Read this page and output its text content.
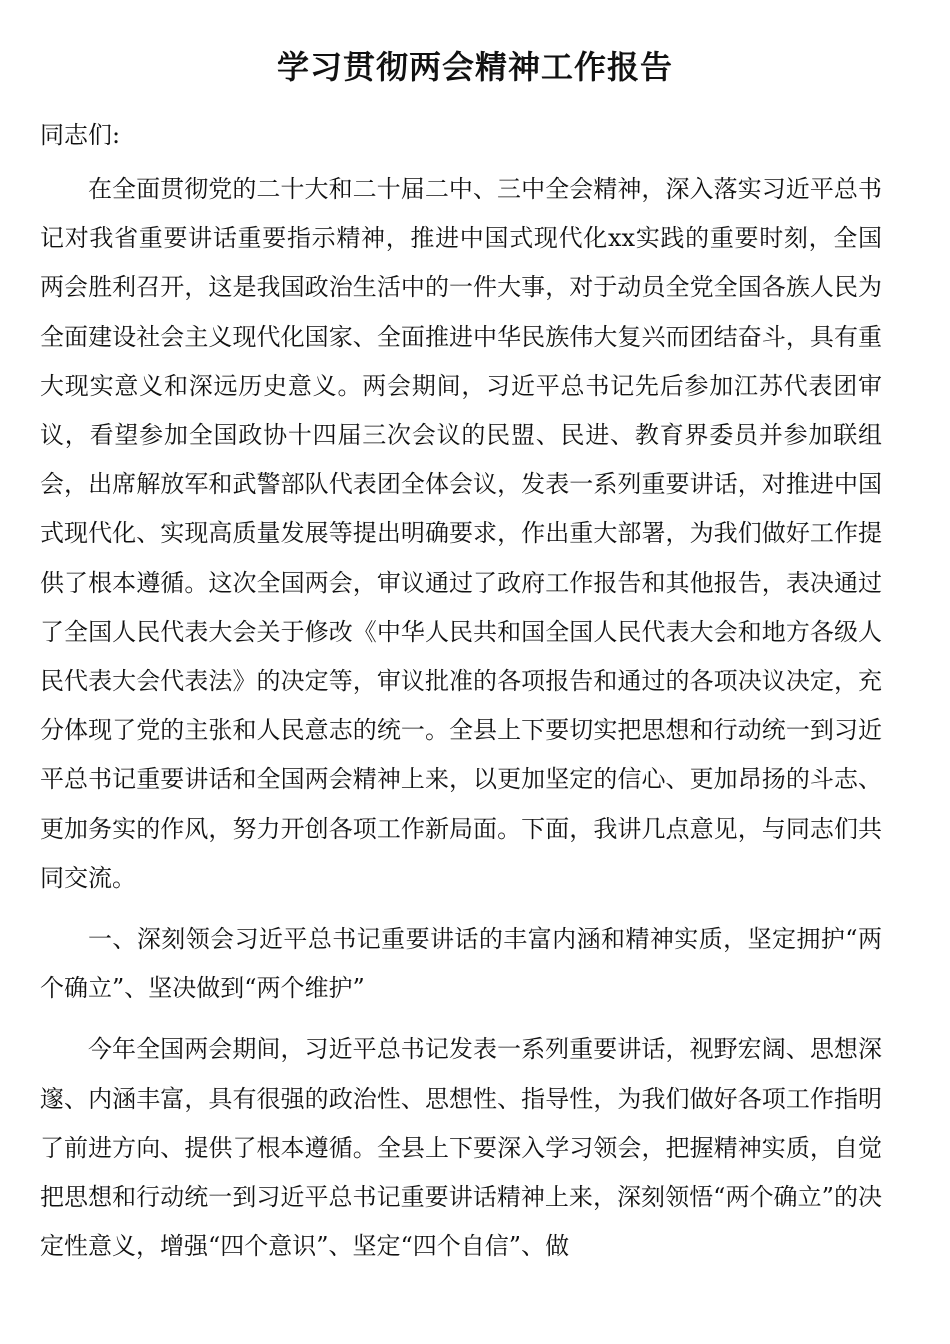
学习贯彻两会精神工作报告

同志们:

在全面贯彻党的二十大和二十届二中、三中全会精神，深入落实习近平总书记对我省重要讲话重要指示精神，推进中国式现代化xx实践的重要时刻，全国两会胜利召开，这是我国政治生活中的一件大事，对于动员全党全国各族人民为全面建设社会主义现代化国家、全面推进中华民族伟大复兴而团结奋斗，具有重大现实意义和深远历史意义。两会期间，习近平总书记先后参加江苏代表团审议，看望参加全国政协十四届三次会议的民盟、民进、教育界委员并参加联组会，出席解放军和武警部队代表团全体会议，发表一系列重要讲话，对推进中国式现代化、实现高质量发展等提出明确要求，作出重大部署，为我们做好工作提供了根本遵循。这次全国两会，审议通过了政府工作报告和其他报告，表决通过了全国人民代表大会关于修改《中华人民共和国全国人民代表大会和地方各级人民代表大会代表法》的决定等，审议批准的各项报告和通过的各项决议决定，充分体现了党的主张和人民意志的统一。全县上下要切实把思想和行动统一到习近平总书记重要讲话和全国两会精神上来，以更加坚定的信心、更加昂扬的斗志、更加务实的作风，努力开创各项工作新局面。下面，我讲几点意见，与同志们共同交流。

一、深刻领会习近平总书记重要讲话的丰富内涵和精神实质，坚定拥护“两个确立”、坚决做到“两个维护”

今年全国两会期间，习近平总书记发表一系列重要讲话，视野宏阔、思想深邃、内涵丰富，具有很强的政治性、思想性、指导性，为我们做好各项工作指明了前进方向、提供了根本遵循。全县上下要深入学习领会，把握精神实质，自觉把思想和行动统一到习近平总书记重要讲话精神上来，深刻领悟“两个确立”的决定性意义，增强“四个意识”、坚定“四个自信”、做
